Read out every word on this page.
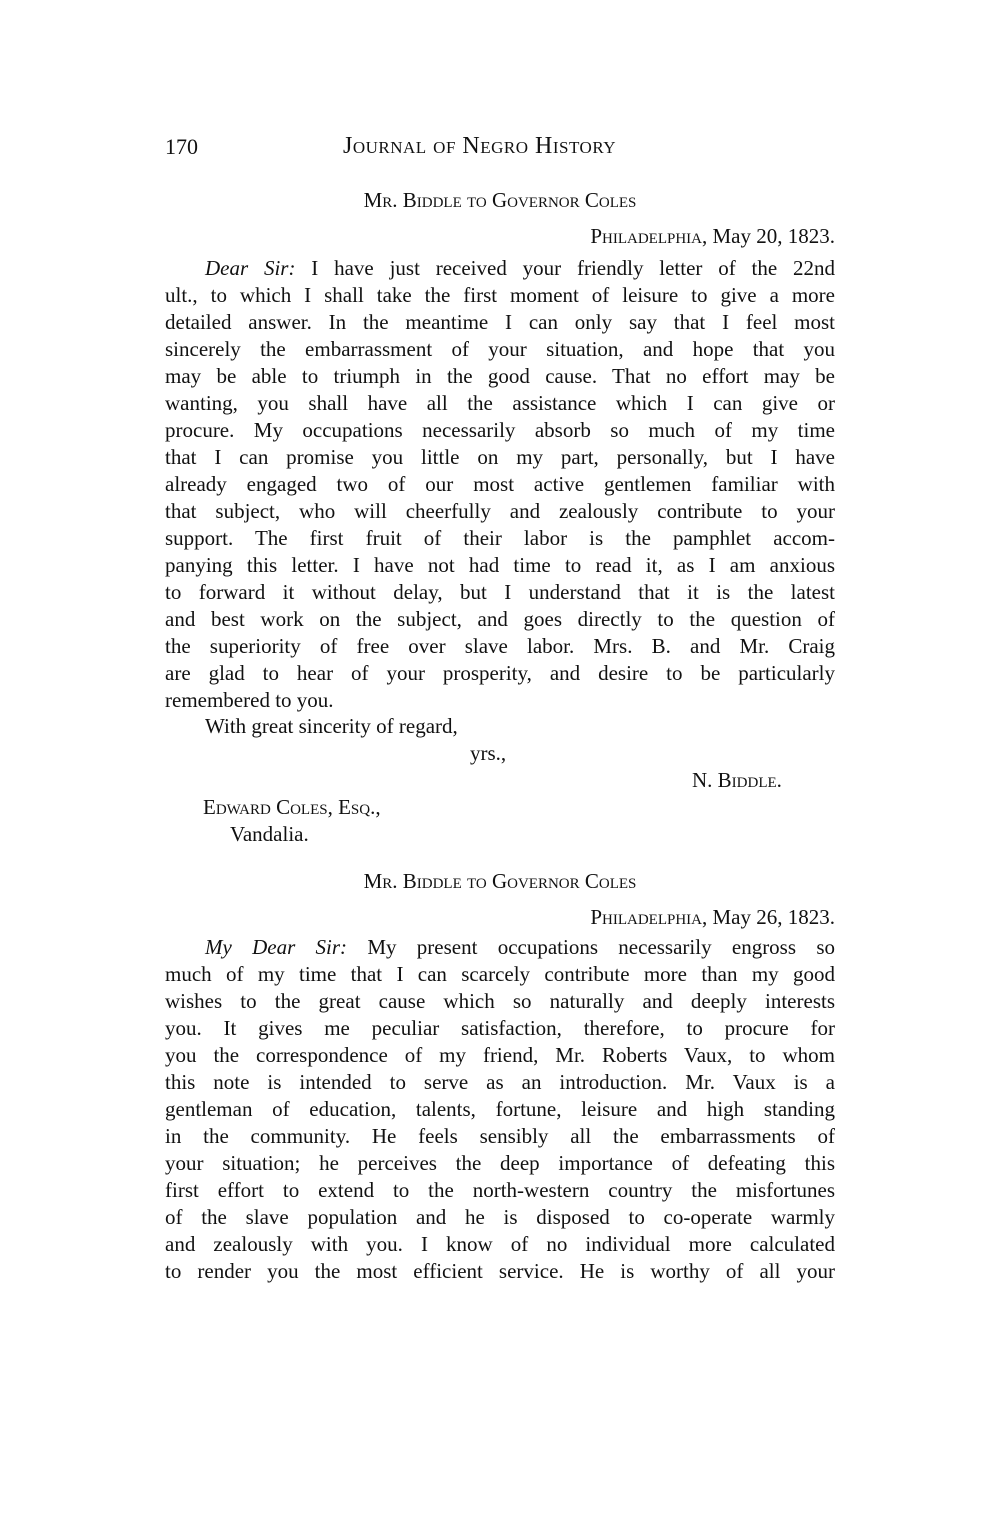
170	Journal of Negro History
Mr. Biddle to Governor Coles
Philadelphia, May 20, 1823.
Dear Sir: I have just received your friendly letter of the 22nd
ult., to which I shall take the first moment of leisure to give a more
detailed answer. In the meantime I can only say that I feel most
sincerely the embarrassment of your situation, and hope that you
may be able to triumph in the good cause. That no effort may be
wanting, you shall have all the assistance which I can give or
procure. My occupations necessarily absorb so much of my time
that I can promise you little on my part, personally, but I have
already engaged two of our most active gentlemen familiar with
that subject, who will cheerfully and zealously contribute to your
support. The first fruit of their labor is the pamphlet accom-
panying this letter. I have not had time to read it, as I am anxious
to forward it without delay, but I understand that it is the latest
and best work on the subject, and goes directly to the question of
the superiority of free over slave labor. Mrs. B. and Mr. Craig
are glad to hear of your prosperity, and desire to be particularly
remembered to you.
With great sincerity of regard,
yrs.,
N. Biddle.
Edward Coles, Esq.,
Vandalia.
Mr. Biddle to Governor Coles
Philadelphia, May 26, 1823.
My Dear Sir: My present occupations necessarily engross so
much of my time that I can scarcely contribute more than my good
wishes to the great cause which so naturally and deeply interests
you. It gives me peculiar satisfaction, therefore, to procure for
you the correspondence of my friend, Mr. Roberts Vaux, to whom
this note is intended to serve as an introduction. Mr. Vaux is a
gentleman of education, talents, fortune, leisure and high standing
in the community. He feels sensibly all the embarrassments of
your situation; he perceives the deep importance of defeating this
first effort to extend to the north-western country the misfortunes
of the slave population and he is disposed to co-operate warmly
and zealously with you. I know of no individual more calculated
to render you the most efficient service. He is worthy of all your
